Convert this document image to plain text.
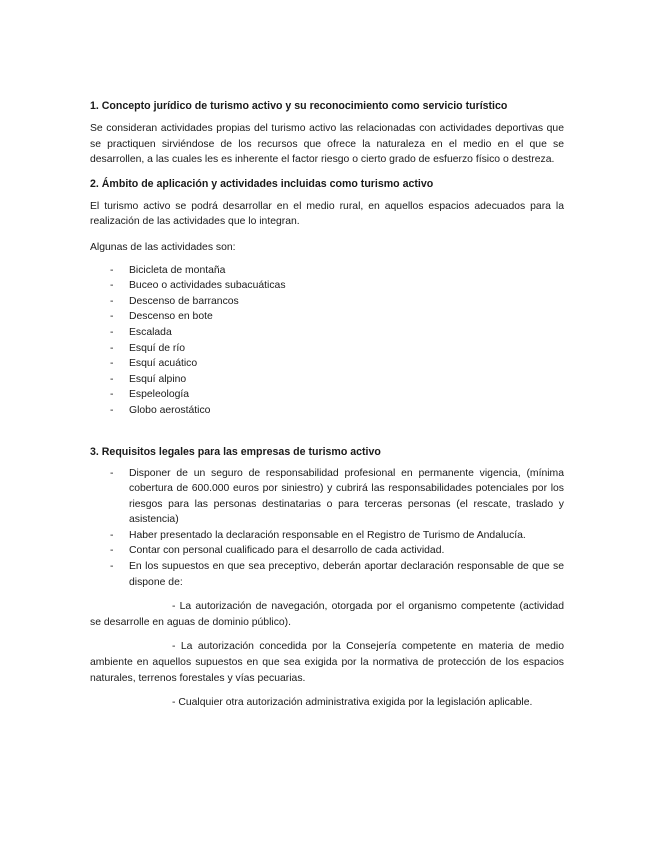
1. Concepto jurídico de turismo activo y su reconocimiento como servicio turístico

Se consideran actividades propias del turismo activo las relacionadas con actividades deportivas que se practiquen sirviéndose de los recursos que ofrece la naturaleza en el medio en el que se desarrollen, a las cuales les es inherente el factor riesgo o cierto grado de esfuerzo físico o destreza.

2. Ámbito de aplicación y actividades incluidas como turismo activo

El turismo activo se podrá desarrollar en el medio rural, en aquellos espacios adecuados para la realización de las actividades que lo integran.

Algunas de las actividades son:

- Bicicleta de montaña
- Buceo o actividades subacuáticas
- Descenso de barrancos
- Descenso en bote
- Escalada
- Esquí de río
- Esquí acuático
- Esquí alpino
- Espeleología
- Globo aerostático
3. Requisitos legales para las empresas de turismo activo
- Disponer de un seguro de responsabilidad profesional en permanente vigencia, (mínima cobertura de 600.000 euros por siniestro) y cubrirá las responsabilidades potenciales por los riesgos para las personas destinatarias o para terceras personas (el rescate, traslado y asistencia)
- Haber presentado la declaración responsable en el Registro de Turismo de Andalucía.
- Contar con personal cualificado para el desarrollo de cada actividad.
- En los supuestos en que sea preceptivo, deberán aportar declaración responsable de que se dispone de:

- La autorización de navegación, otorgada por el organismo competente (actividad se desarrolle en aguas de dominio público).

- La autorización concedida por la Consejería competente en materia de medio ambiente en aquellos supuestos en que sea exigida por la normativa de protección de los espacios naturales, terrenos forestales y vías pecuarias.

- Cualquier otra autorización administrativa exigida por la legislación aplicable.
